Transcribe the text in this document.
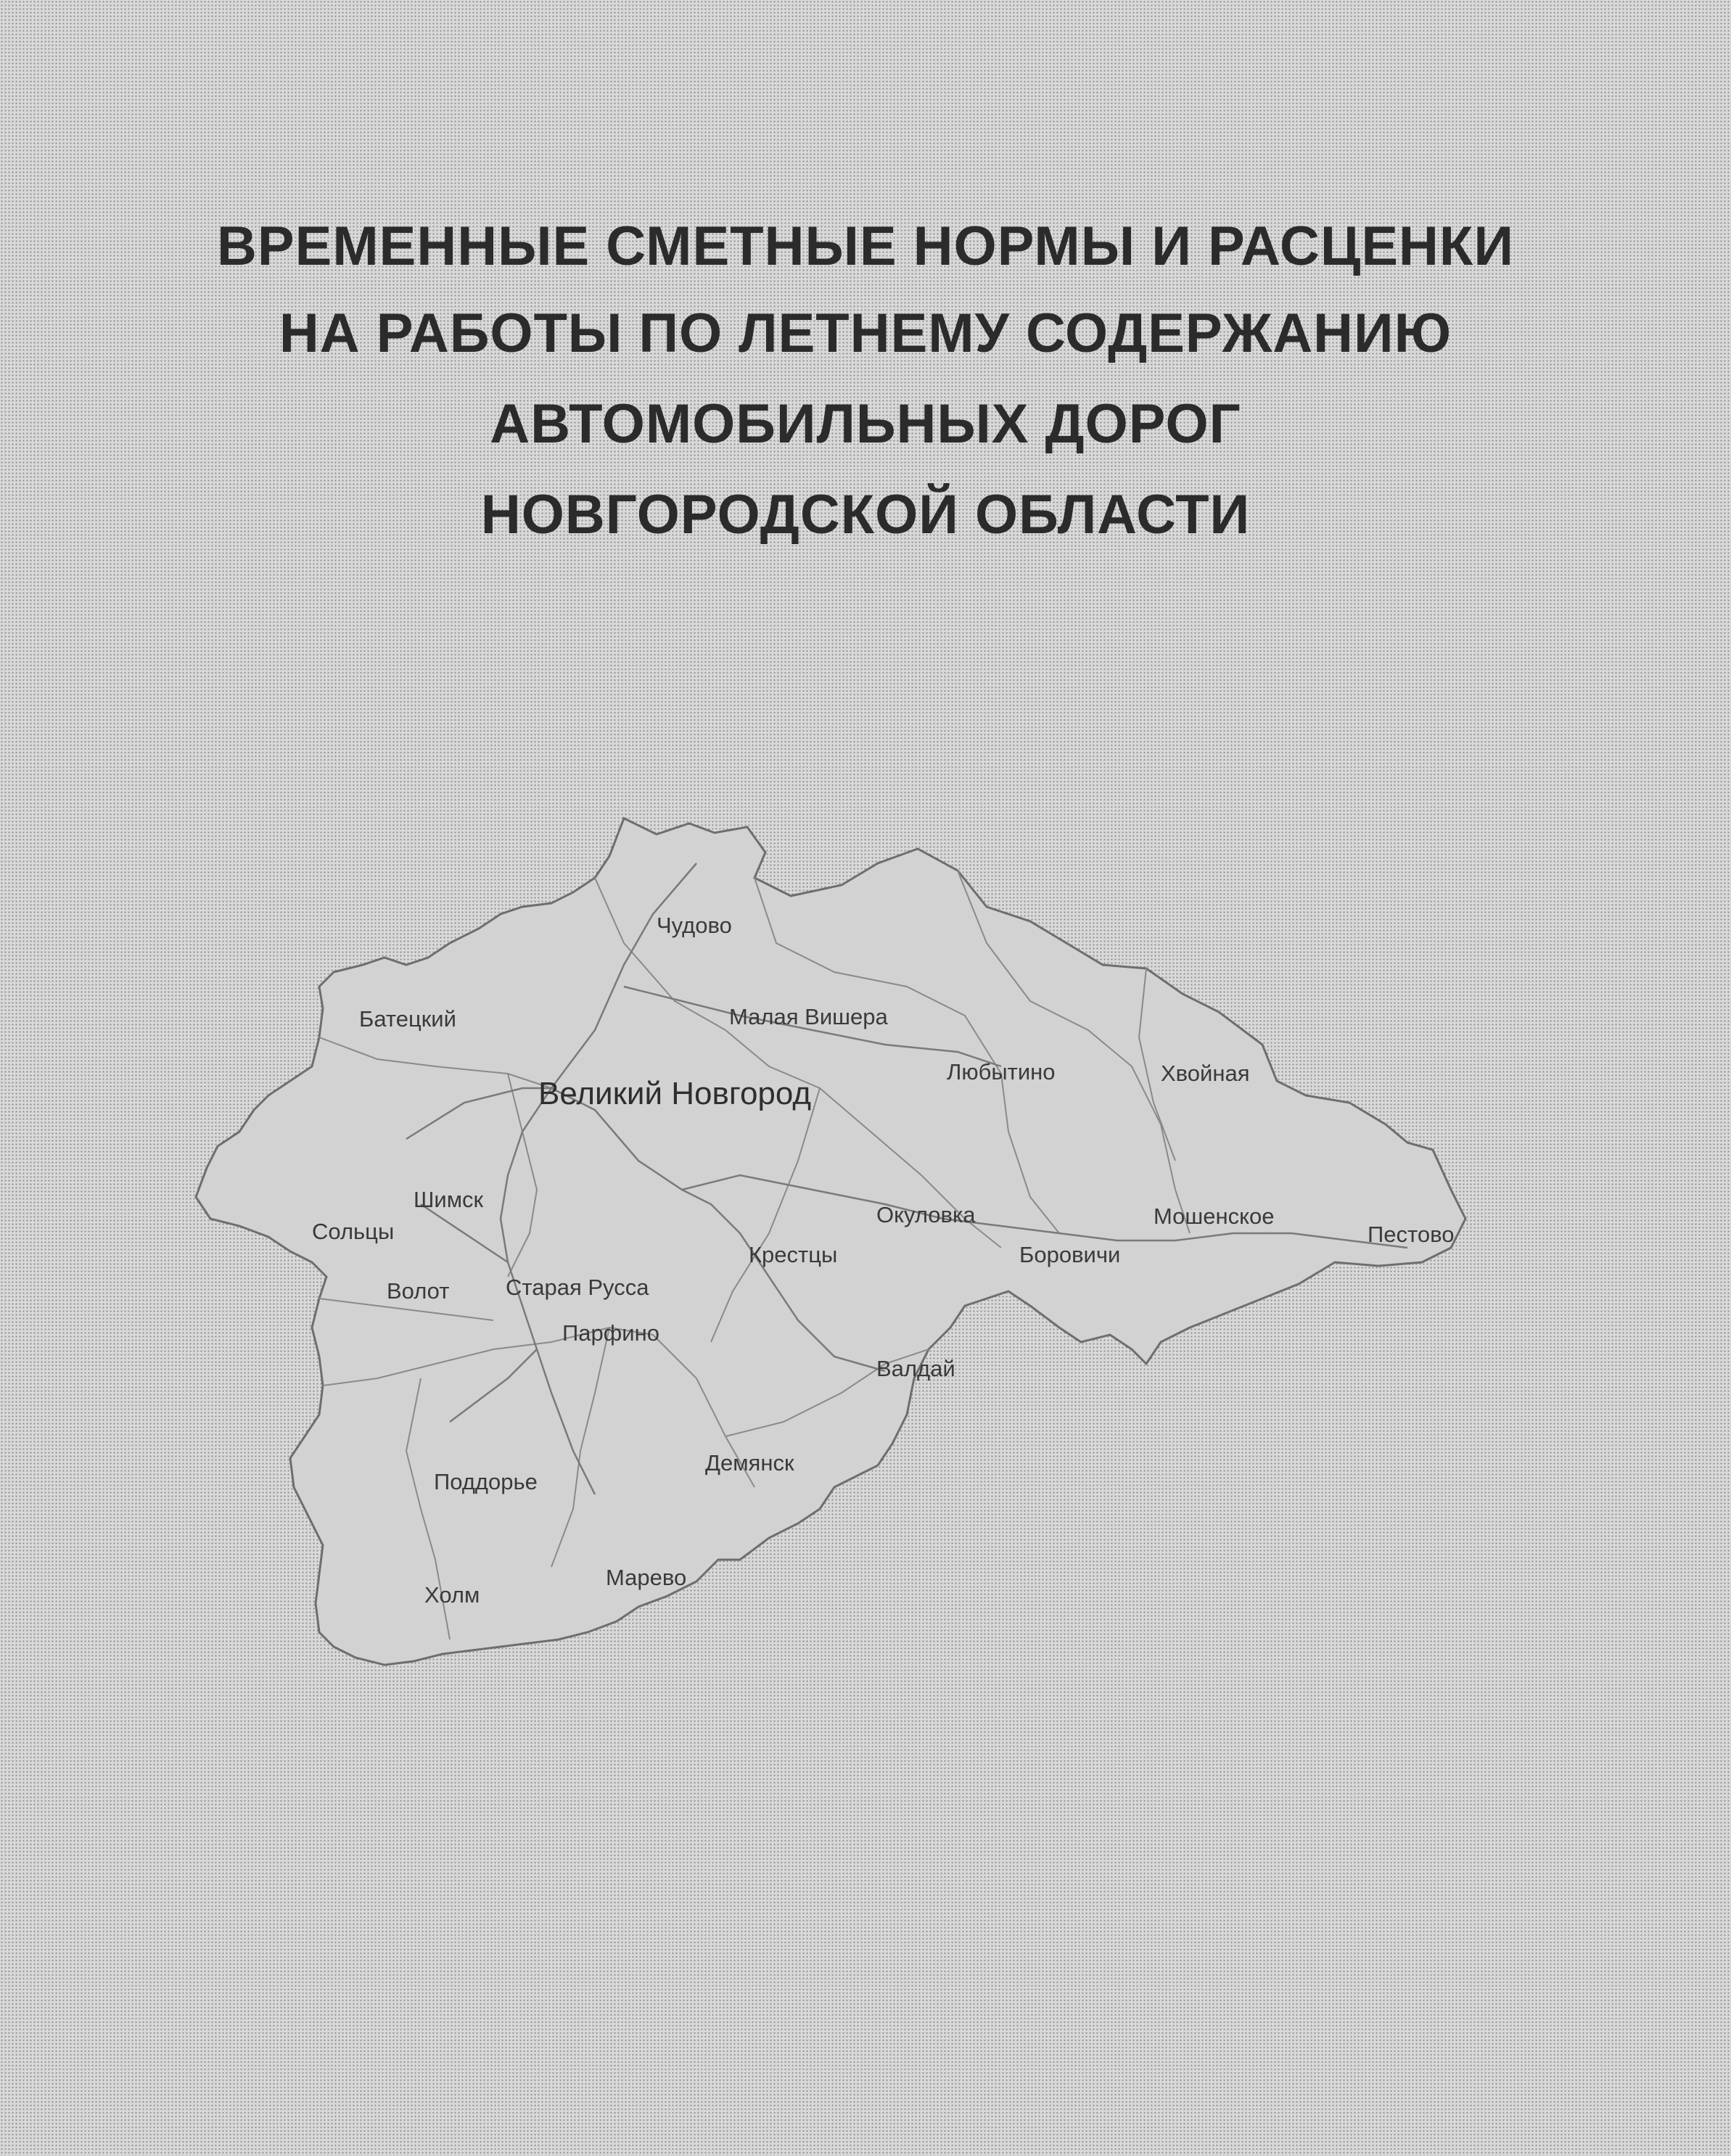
ВРЕМЕННЫЕ СМЕТНЫЕ НОРМЫ И РАСЦЕНКИ
НА РАБОТЫ ПО ЛЕТНЕМУ СОДЕРЖАНИЮ
АВТОМОБИЛЬНЫХ ДОРОГ
НОВГОРОДСКОЙ ОБЛАСТИ
Чудово
Батецкий	Малая Вишера
Любытино	Хвойная
Великий Новгород
Шимск
Сольцы
Окуловка	Мошенское
Пестово
Крестцы	Боровичи
Волот	Старая Русса
Парфино
Валдай
Демянск
Поддорье
Холм
Марево
